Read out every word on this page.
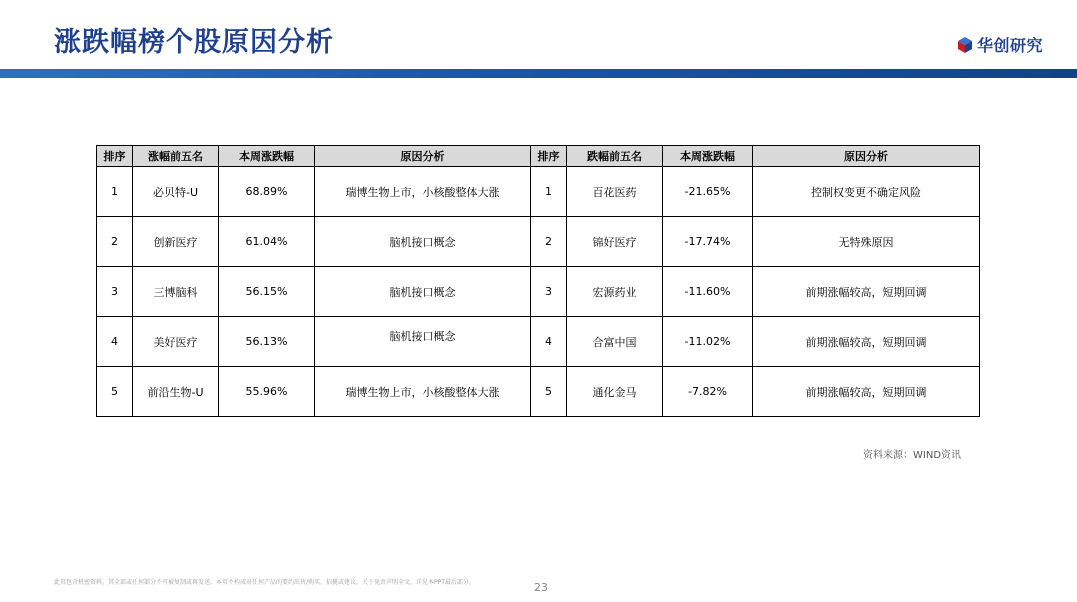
涨跌幅榜个股原因分析	华创研究
排序	涨幅前五名	本周涨跌幅	原因分析	排序	跌幅前五名	本周涨跌幅	原因分析
1	必贝特-U	68.89%	瑞博生物上市，小核酸整体大涨	1	百花医药	-21.65%	控制权变更不确定风险
2	创新医疗	61.04%	脑机接口概念	2	锦好医疗	-17.74%	无特殊原因
3	三博脑科	56.15%	脑机接口概念	3	宏源药业	-11.60%	前期涨幅较高，短期回调
4	美好医疗	56.13%	脑机接口概念	4	合富中国	-11.02%	前期涨幅较高，短期回调
5	前沿生物-U	55.96%	瑞博生物上市，小核酸整体大涨	5	通化金马	-7.82%	前期涨幅较高，短期回调
资料来源：WIND资讯
此页包含机密资料，其全部或任何部分不可被复制或再发送。本页不构成对任何产品的要约出售/购买、招揽或建议。关于免责声明全文，详见本PPT最后部分。	23
